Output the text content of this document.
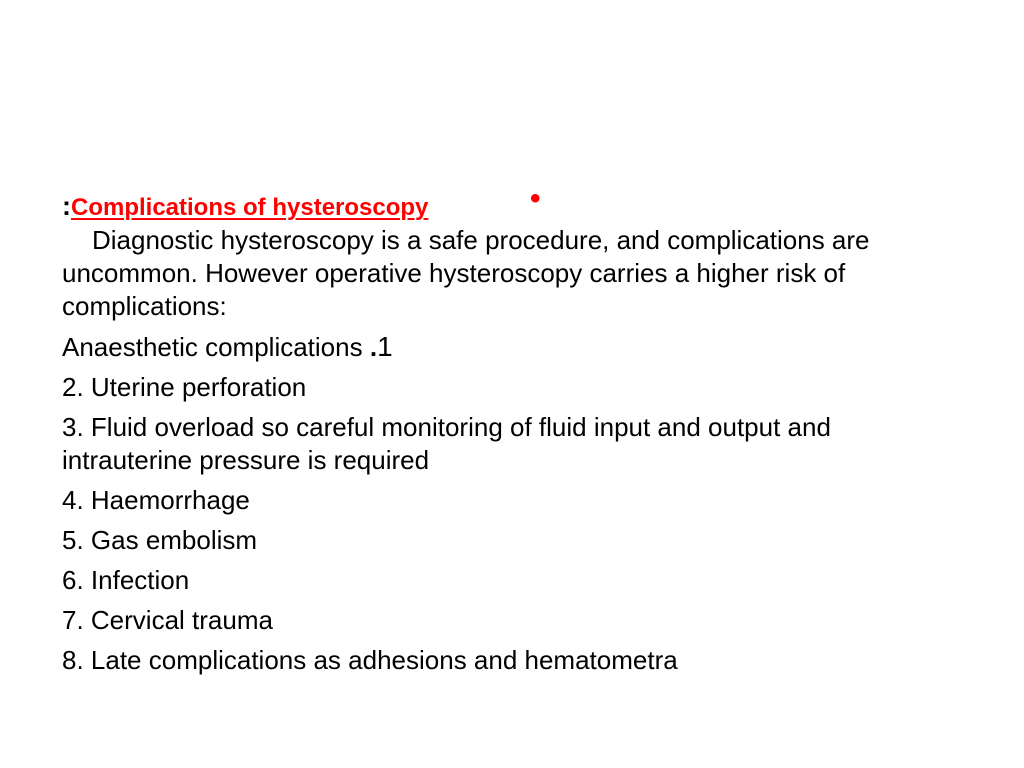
:Complications of hysteroscopy	•

Diagnostic hysteroscopy is a safe procedure, and complications are uncommon. However operative hysteroscopy carries a higher risk of complications:

Anaesthetic complications .1

2. Uterine perforation

3. Fluid overload so careful monitoring of fluid input and output andintrauterine pressure is required

4. Haemorrhage

5. Gas embolism

6. Infection

7. Cervical trauma

8. Late complications as adhesions and hematometra
